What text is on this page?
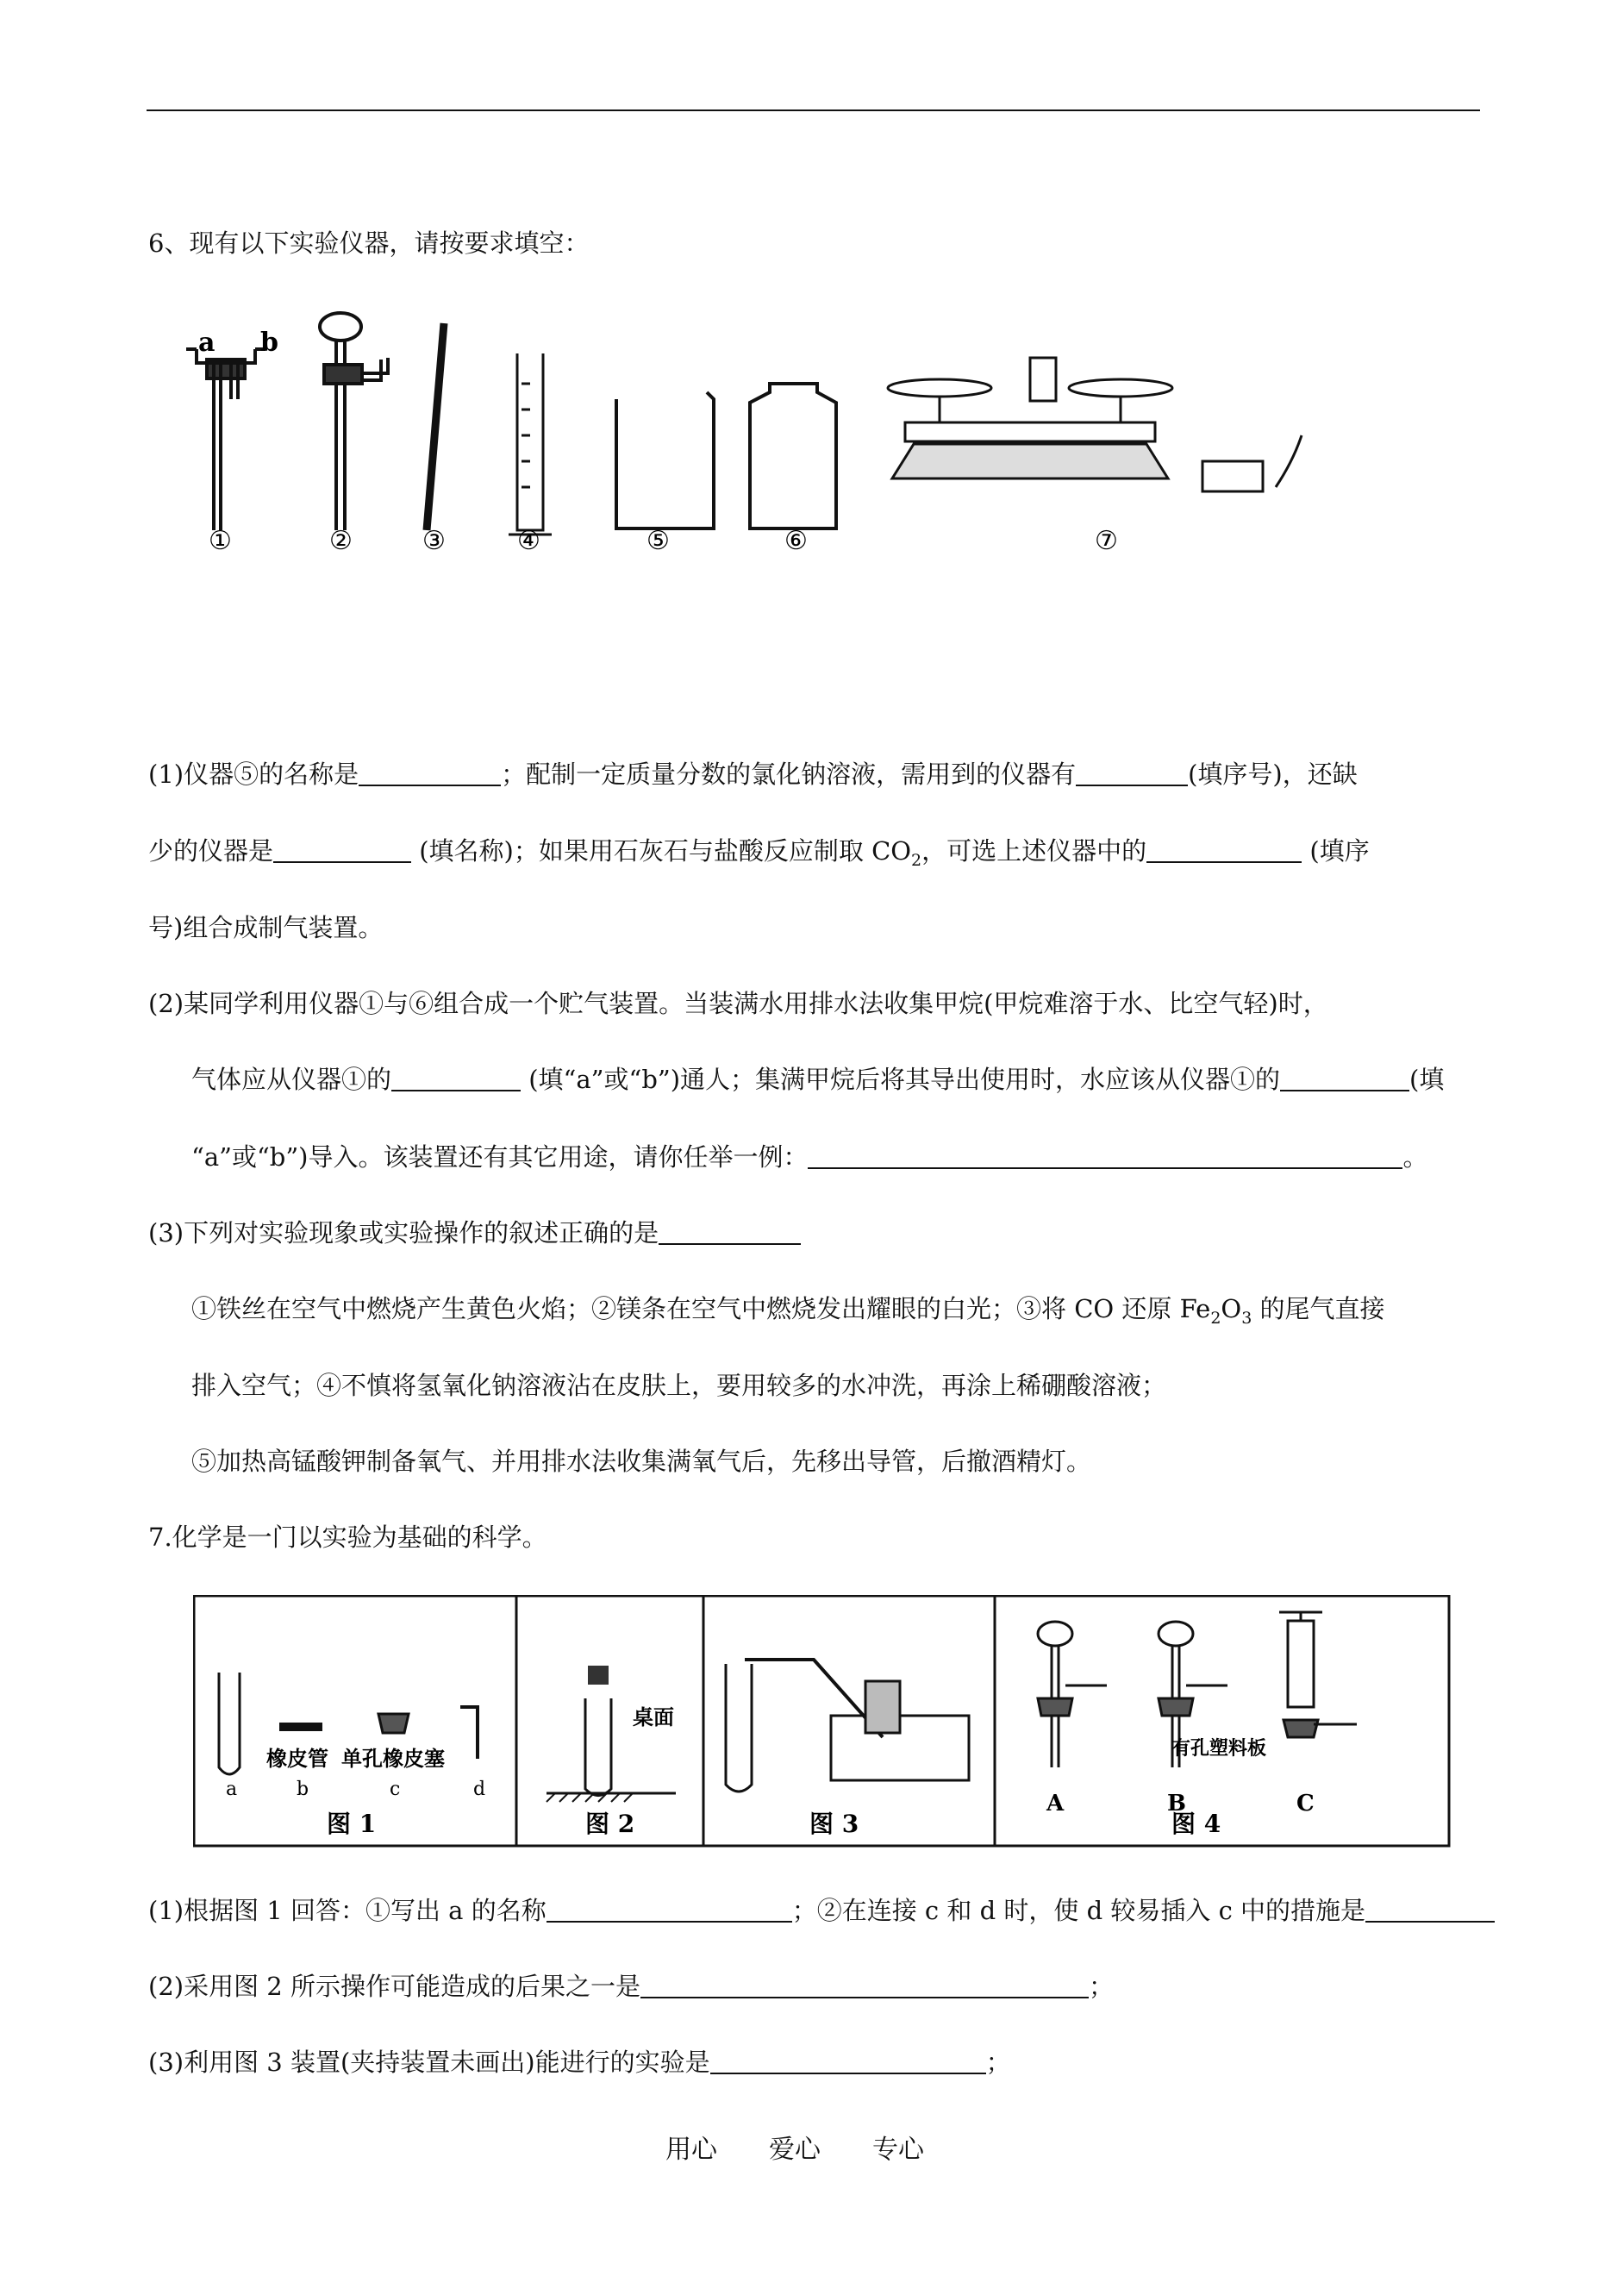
6、现有以下实验仪器，请按要求填空：
a b
①	②	③	④	⑤	⑥	⑦
(1)仪器⑤的名称是	；配制一定质量分数的氯化钠溶液，需用到的仪器有	(填序号)，还缺
少的仪器是	(填名称)；如果用石灰石与盐酸反应制取 $CO_2$，可选上述仪器中的	(填序
号)组合成制气装置。
(2)某同学利用仪器①与⑥组合成一个贮气装置。当装满水用排水法收集甲烷(甲烷难溶于水、比空气轻)时，
气体应从仪器①的	(填“a”或“b”)通人；集满甲烷后将其导出使用时，水应该从仪器①的	(填
“a”或“b”)导入。该装置还有其它用途，请你任举一例：	。
(3)下列对实验现象或实验操作的叙述正确的是
①铁丝在空气中燃烧产生黄色火焰；②镁条在空气中燃烧发出耀眼的白光；③将 CO 还原 $Fe_2O_3$ 的尾气直接
排入空气；④不慎将氢氧化钠溶液沾在皮肤上，要用较多的水冲洗，再涂上稀硼酸溶液；
⑤加热高锰酸钾制备氧气、并用排水法收集满氧气后，先移出导管，后撤酒精灯。
7.化学是一门以实验为基础的科学。
橡皮管 单孔橡皮塞
a	b	c	d
图 1
桌面
图 2	图 3
有孔塑料板
A	B	C
图 4
(1)根据图 1 回答：①写出 a 的名称	；②在连接 c 和 d 时，使 d 较易插入 c 中的措施是
(2)采用图 2 所示操作可能造成的后果之一是	；
(3)利用图 3 装置(夹持装置未画出)能进行的实验是	；
用心 爱心 专心
